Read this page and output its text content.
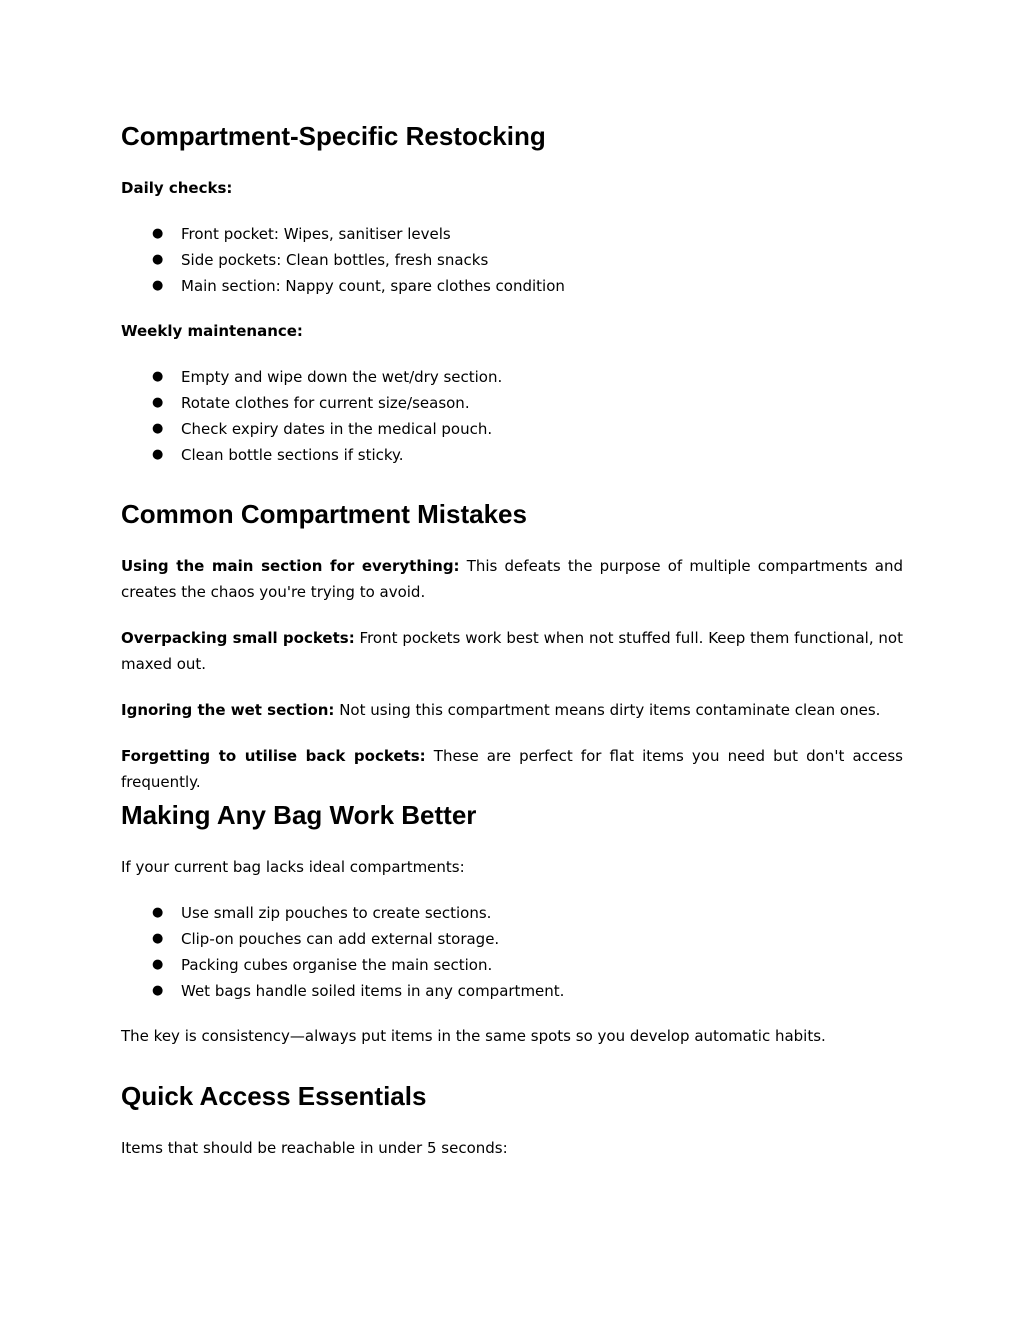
Compartment-Specific Restocking

Daily checks:

● Front pocket: Wipes, sanitiser levels
● Side pockets: Clean bottles, fresh snacks
● Main section: Nappy count, spare clothes condition

Weekly maintenance:

● Empty and wipe down the wet/dry section.
● Rotate clothes for current size/season.
● Check expiry dates in the medical pouch.
● Clean bottle sections if sticky.
Common Compartment Mistakes

Using the main section for everything: This defeats the purpose of multiple compartments and creates the chaos you're trying to avoid.

Overpacking small pockets: Front pockets work best when not stuffed full. Keep them functional, not maxed out.

Ignoring the wet section: Not using this compartment means dirty items contaminate clean ones.

Forgetting to utilise back pockets: These are perfect for flat items you need but don't access frequently.

Making Any Bag Work Better

If your current bag lacks ideal compartments:

● Use small zip pouches to create sections.
● Clip-on pouches can add external storage.
● Packing cubes organise the main section.
● Wet bags handle soiled items in any compartment.

The key is consistency—always put items in the same spots so you develop automatic habits.

Quick Access Essentials

Items that should be reachable in under 5 seconds:
